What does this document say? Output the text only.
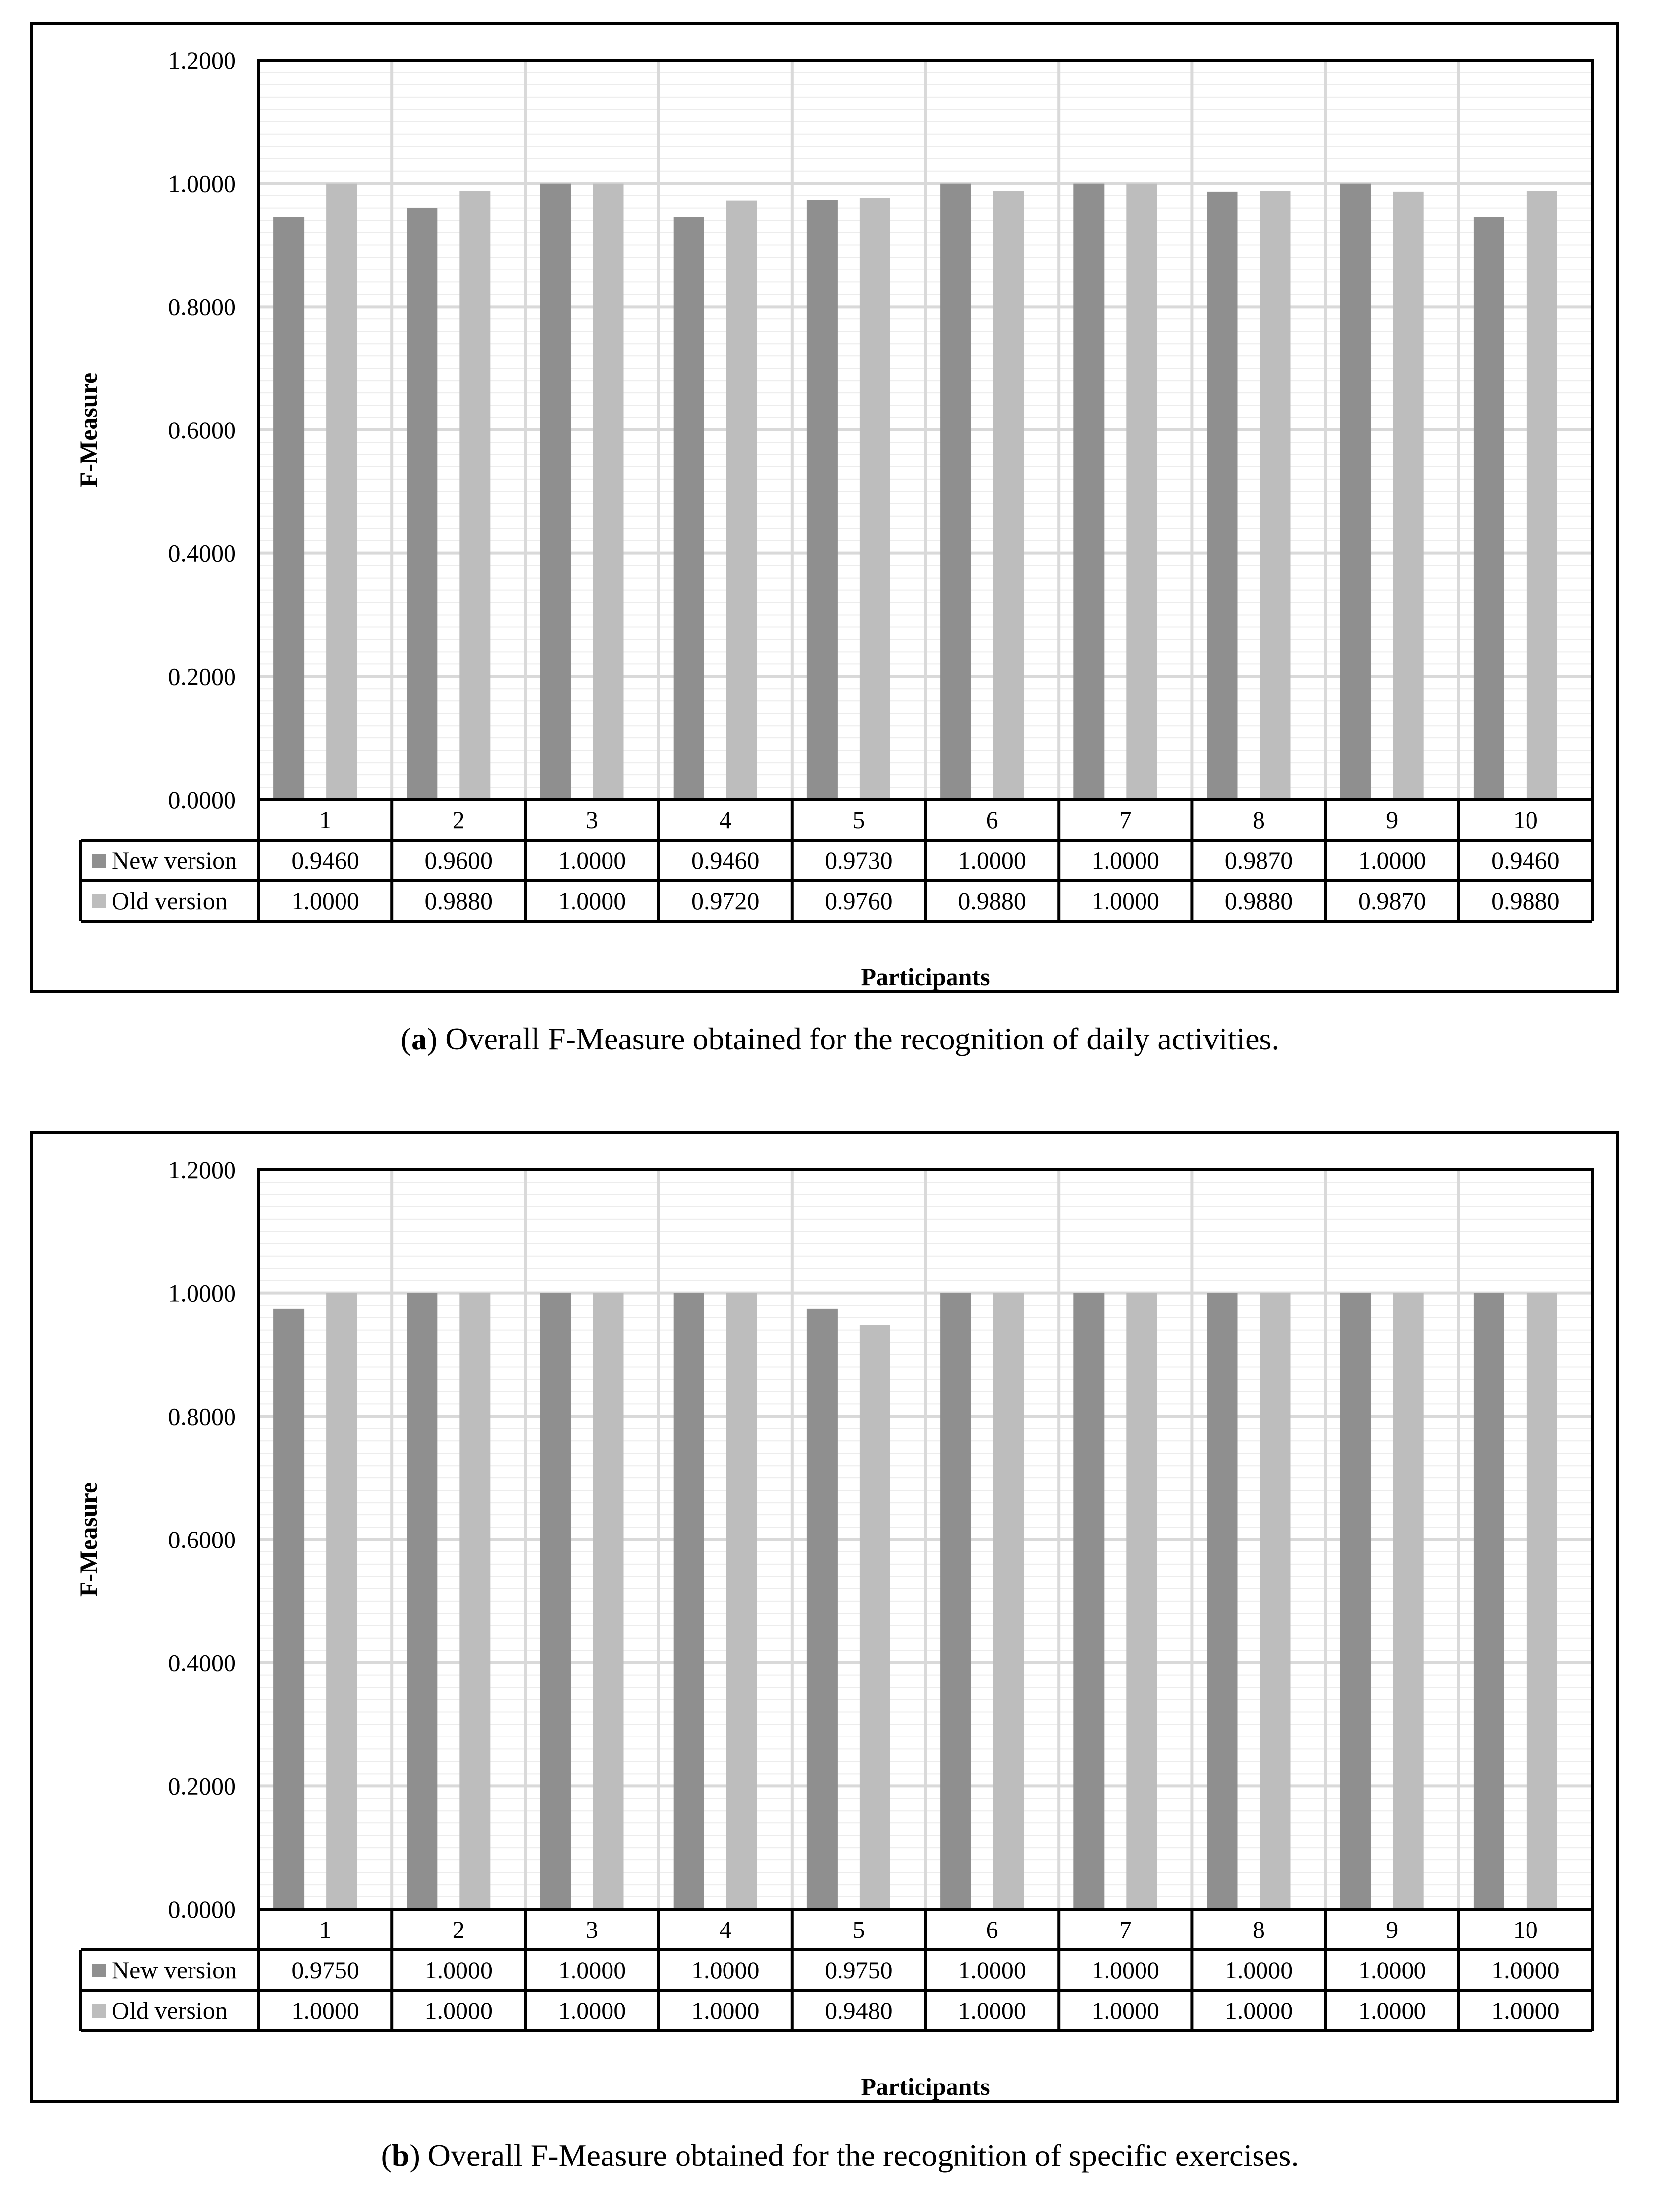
0.0000
0.2000
0.4000
0.6000
0.8000
1.0000
1.2000
1	2	3	4	5	6	7	8	9	10
New version 0.9460	0.9600	1.0000	0.9460	0.9730	1.0000	1.0000	0.9870	1.0000	0.9460
Old version	1.0000	0.9880	1.0000	0.9720	0.9760	0.9880	1.0000	0.9880	0.9870	0.9880
Participants
F-Measure
(a) Overall F-Measure obtained for the recognition of daily activities.
0.0000
0.2000
0.4000
0.6000
0.8000
1.0000
1.2000
1	2	3	4	5	6	7	8	9	10
New version 0.9750	1.0000	1.0000	1.0000	0.9750	1.0000	1.0000	1.0000	1.0000	1.0000
Old version	1.0000	1.0000	1.0000	1.0000	0.9480	1.0000	1.0000	1.0000	1.0000	1.0000
Participants
F-Measure
(b) Overall F-Measure obtained for the recognition of specific exercises.
